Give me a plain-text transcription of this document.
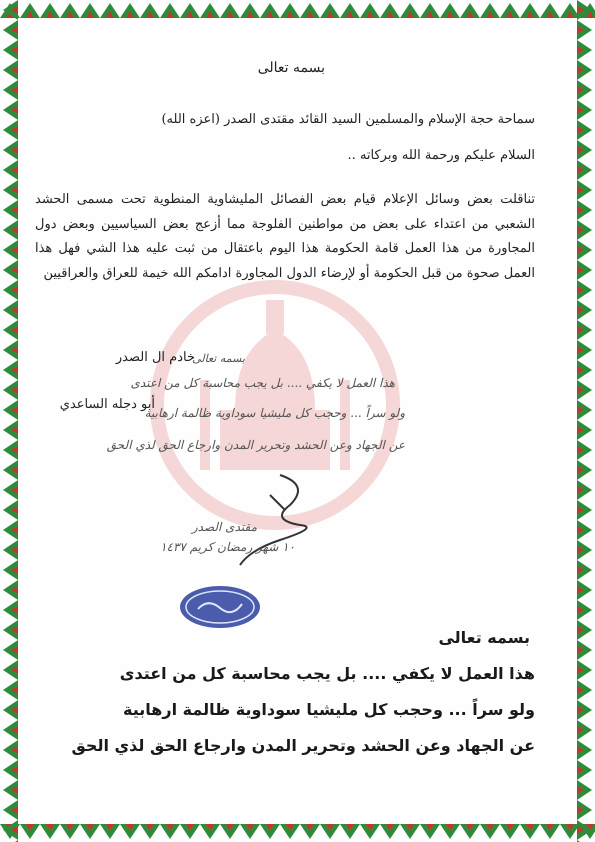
بسمه تعالى
سماحة حجة الإسلام والمسلمين السيد القائد مقتدى الصدر (اعزه الله)
السلام عليكم ورحمة الله وبركاته ..
تناقلت بعض وسائل الإعلام قيام بعض الفصائل المليشاوية المنطوية تحت مسمى الحشد الشعبي من اعتداء على بعض من مواطنين الفلوجة مما أزعج بعض السياسيين وبعض دول المجاورة من هذا العمل قامة الحكومة هذا اليوم باعتقال من ثبت عليه هذا الشي فهل هذا العمل صحوة من قبل الحكومة أو لإرضاء الدول المجاورة ادامكم الله خيمة للعراق والعراقيين
خادم ال الصدر
أبو دجله الساعدي
بسمه تعالى
هذا العمل لا يكفي .... بل يجب محاسبة كل من اعتدى
ولو سراً ... وحجب كل مليشيا سوداوية ظالمة ارهابية
عن الجهاد وعن الحشد وتحرير المدن وارجاع الحق لذي الحق
مقتدى الصدر
١٠ شهر رمضان كريم ١٤٣٧
بسمه تعالى
هذا العمل لا يكفي .... بل يجب محاسبة كل من اعتدى
ولو سراً ... وحجب كل مليشيا سوداوية ظالمة ارهابية
عن الجهاد وعن الحشد وتحرير المدن وارجاع الحق لذي الحق
